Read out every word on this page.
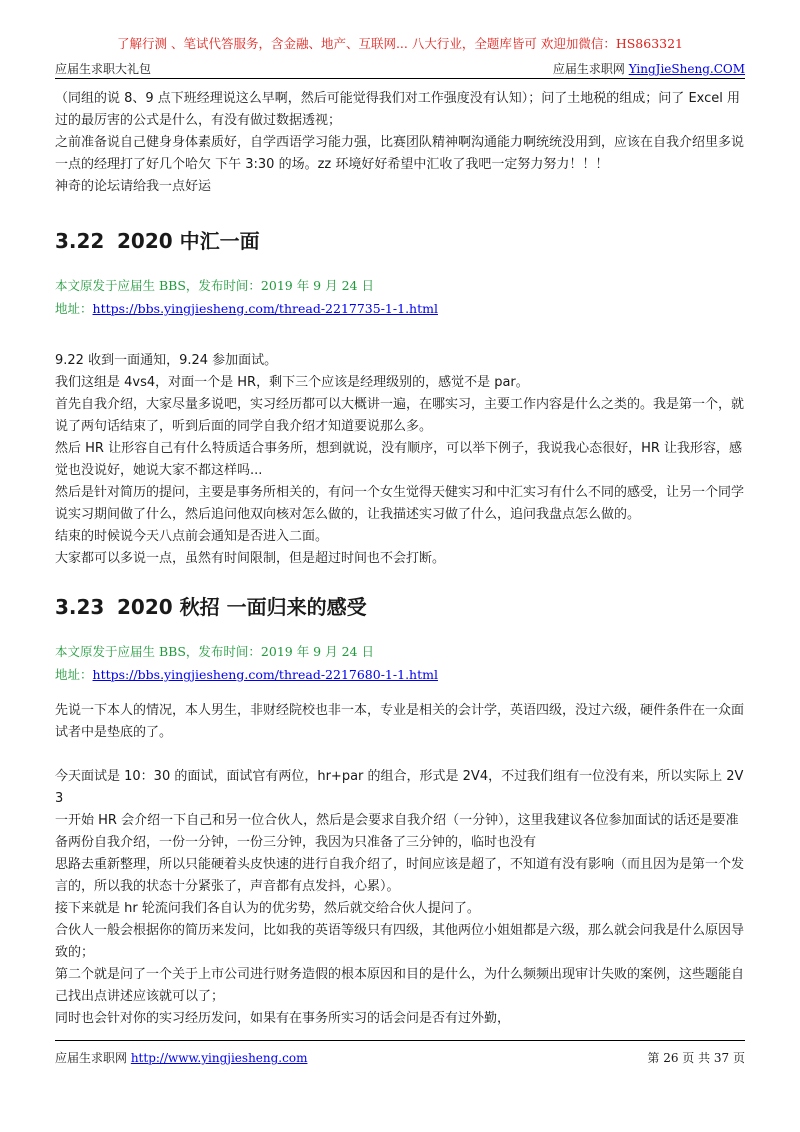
了解行测 、笔试代答服务，含金融、地产、互联网... 八大行业，全题库皆可 欢迎加微信：HS863321
应届生求职大礼包	应届生求职网 YingJieSheng.COM

（同组的说 8、9 点下班经理说这么早啊，然后可能觉得我们对工作强度没有认知）；问了土地税的组成；问了 Excel 用过的最厉害的公式是什么，有没有做过数据透视；

之前准备说自己健身身体素质好，自学西语学习能力强，比赛团队精神啊沟通能力啊统统没用到，应该在自我介绍里多说一点的经理打了好几个哈欠 下午 3:30 的场。zz 环境好好希望中汇收了我吧一定努力努力！！！

神奇的论坛请给我一点好运

3.22 2020 中汇一面

本文原发于应届生 BBS，发布时间：2019 年 9 月 24 日

地址：https://bbs.yingjiesheng.com/thread-2217735-1-1.html

9.22 收到一面通知，9.24 参加面试。

我们这组是 4vs4，对面一个是 HR，剩下三个应该是经理级别的，感觉不是 par。

首先自我介绍，大家尽量多说吧，实习经历都可以大概讲一遍，在哪实习，主要工作内容是什么之类的。我是第一个，就说了两句话结束了，听到后面的同学自我介绍才知道要说那么多。

然后 HR 让形容自己有什么特质适合事务所，想到就说，没有顺序，可以举下例子，我说我心态很好，HR 让我形容，感觉也没说好，她说大家不都这样吗...

然后是针对简历的提问，主要是事务所相关的，有问一个女生觉得天健实习和中汇实习有什么不同的感受，让另一个同学说实习期间做了什么，然后追问他双向核对怎么做的，让我描述实习做了什么，追问我盘点怎么做的。

结束的时候说今天八点前会通知是否进入二面。

大家都可以多说一点，虽然有时间限制，但是超过时间也不会打断。

3.23 2020 秋招 一面归来的感受

本文原发于应届生 BBS，发布时间：2019 年 9 月 24 日

地址：https://bbs.yingjiesheng.com/thread-2217680-1-1.html

先说一下本人的情况，本人男生，非财经院校也非一本，专业是相关的会计学，英语四级，没过六级，硬件条件在一众面试者中是垫底的了。

今天面试是 10：30 的面试，面试官有两位，hr+par 的组合，形式是 2V4，不过我们组有一位没有来，所以实际上 2V3

一开始 HR 会介绍一下自己和另一位合伙人，然后是会要求自我介绍（一分钟），这里我建议各位参加面试的话还是要准备两份自我介绍，一份一分钟，一份三分钟，我因为只准备了三分钟的，临时也没有

思路去重新整理，所以只能硬着头皮快速的进行自我介绍了，时间应该是超了，不知道有没有影响（而且因为是第一个发言的，所以我的状态十分紧张了，声音都有点发抖，心累）。

接下来就是 hr 轮流问我们各自认为的优劣势，然后就交给合伙人提问了。

合伙人一般会根据你的简历来发问，比如我的英语等级只有四级，其他两位小姐姐都是六级，那么就会问我是什么原因导致的；

第二个就是问了一个关于上市公司进行财务造假的根本原因和目的是什么，为什么频频出现审计失败的案例，这些题能自己找出点讲述应该就可以了；

同时也会针对你的实习经历发问，如果有在事务所实习的话会问是否有过外勤，

应届生求职网 http://www.yingjiesheng.com	第 26 页 共 37 页
